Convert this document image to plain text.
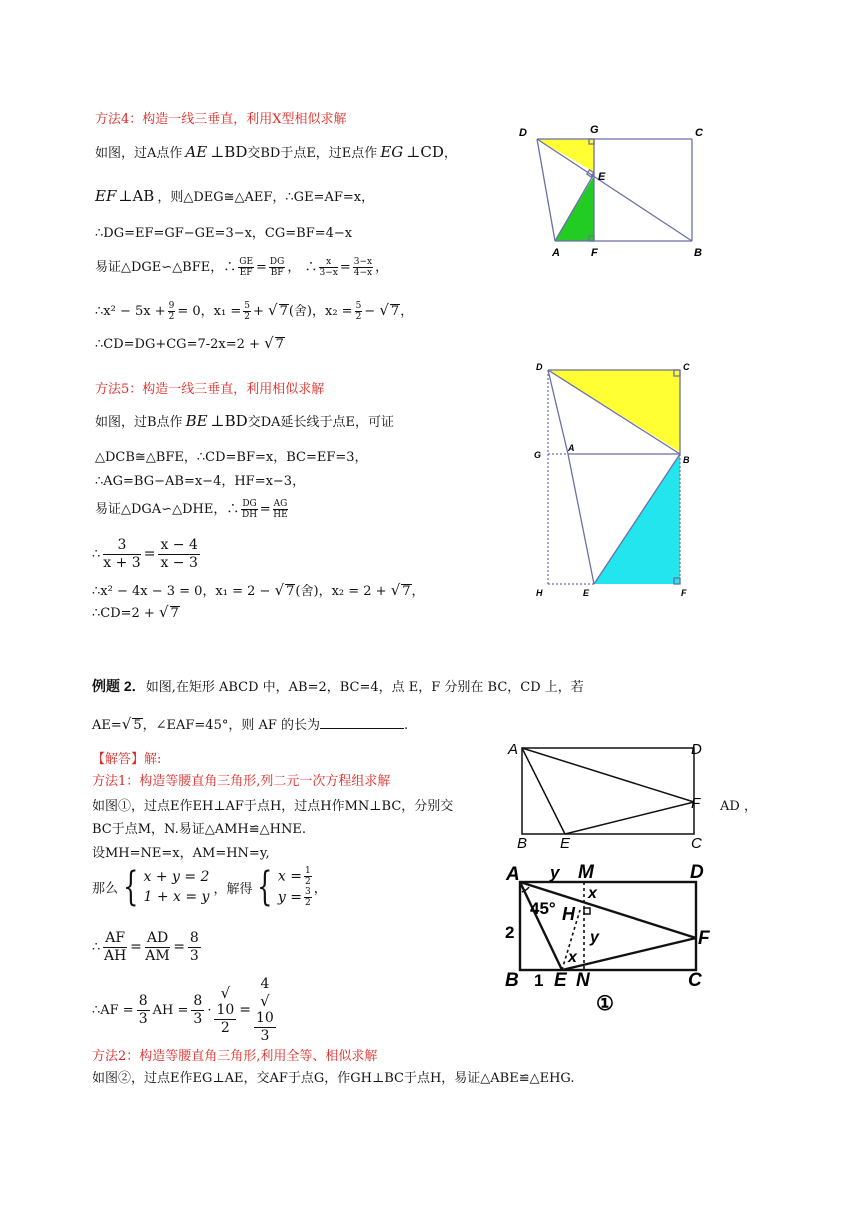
方法4：构造一线三垂直，利用X型相似求解
如图，过A点作 AE ⊥BD交BD于点E，过E点作 EG ⊥CD，
EF ⊥AB ，则△DEG≅△AEF，∴GE=AF=x，
∴DG=EF=GF−GE=3−x，CG=BF=4−x
易证△DGE∽△BFE，∴ $\frac{GE}{EF} = \frac{DG}{BF}$ ， ∴ $\frac{x}{3-x} = \frac{3-x}{4-x}$ ，
∴x² − $5x + \frac{9}{2} = 0$，$x_1 = \frac{5}{2}$ + √ 7(舍)，$x_2 = \frac{5}{2}$ − √ 7，
∴CD=DG+CG=7-2x=2 + √ 7
D	G	C
E
A	F	B
方法5：构造一线三垂直，利用相似求解
如图，过B点作 BE ⊥BD交DA延长线于点E，可证
△DCB≅△BFE，∴CD=BF=x，BC=EF=3，
∴AG=BG−AB=x−4，HF=x−3，
易证△DGA∽△DHE，∴ $\frac{DG}{DH} = \frac{AG}{HE}$
∴ $\frac{3}{x + 3} = \frac{x - 4}{x - 3}$
∴x² − 4x − 3 = 0，x₁ = 2 − √ 7(舍)，x₂ = 2 + √ 7，
∴CD=2 + √ 7
D	C
G
A
B
H	E	F
例题 2．如图,在矩形 ABCD 中，AB=2，BC=4，点 E，F 分别在 BC，CD 上，若
AE=√ 5，∠EAF=45°，则 AF 的长为	.
【解答】解:
方法1：构造等腰直角三角形,列二元一次方程组求解
如图①，过点E作EH⊥AF于点H，过点H作MN⊥BC，分别交	AD ，
BC于点M，N.易证△AMH≌△HNE.
设MH=NE=x，AM=HN=y,
那么 { x + y = 2
1 + x = y ，解得 { $x = \frac{1}{2}$
$y = \frac{3}{2}$ ，
∴ $\frac{AF}{AH} = \frac{AD}{AM} = \frac{8}{3}$
∴AF = $\frac{8}{3}$ AH = $\frac{8}{3}$ · √
10
2 = 4
√
10
3
方法2：构造等腰直角三角形,利用全等、相似求解
如图②，过点E作EG⊥AE，交AF于点G，作GH⊥BC于点H，易证△ABE≌△EHG.
A	D
F
B E	C
A y M	D
x
45° H
2	y
x
F
B 1 E N	C
①
